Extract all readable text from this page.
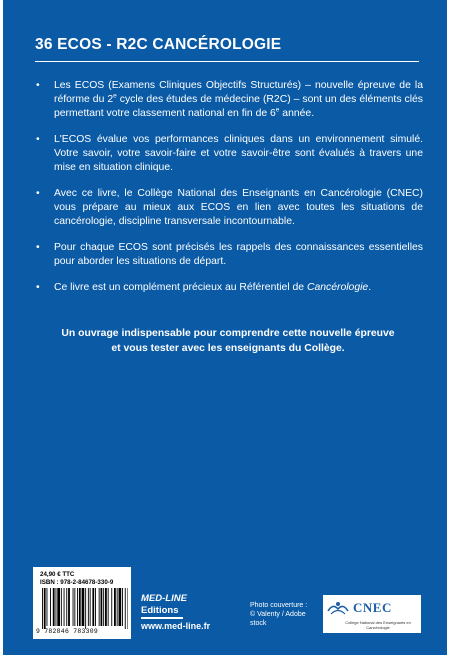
36 ECOS - R2C CANCÉROLOGIE
• Les ECOS (Examens Cliniques Objectifs Structurés) – nouvelle épreuve de la réforme du 2e cycle des études de médecine (R2C) – sont un des éléments clés permettant votre classement national en fin de 6e année.
• L'ECOS évalue vos performances cliniques dans un environnement simulé. Votre savoir, votre savoir-faire et votre savoir-être sont évalués à travers une mise en situation clinique.
• Avec ce livre, le Collège National des Enseignants en Cancérologie (CNEC) vous prépare au mieux aux ECOS en lien avec toutes les situations de cancérologie, discipline transversale incontournable.
• Pour chaque ECOS sont précisés les rappels des connaissances essentielles pour aborder les situations de départ.
• Ce livre est un complément précieux au Référentiel de Cancérologie.
Un ouvrage indispensable pour comprendre cette nouvelle épreuve
et vous tester avec les enseignants du Collège.
24,90 € TTC
ISBN : 978-2-84678-330-9
9 782846 783309
MED-LINE
Editions
www.med-line.fr
Photo couverture :
© Valenty / Adobe stock
CNEC
Collège National des Enseignants en Cancérologie
